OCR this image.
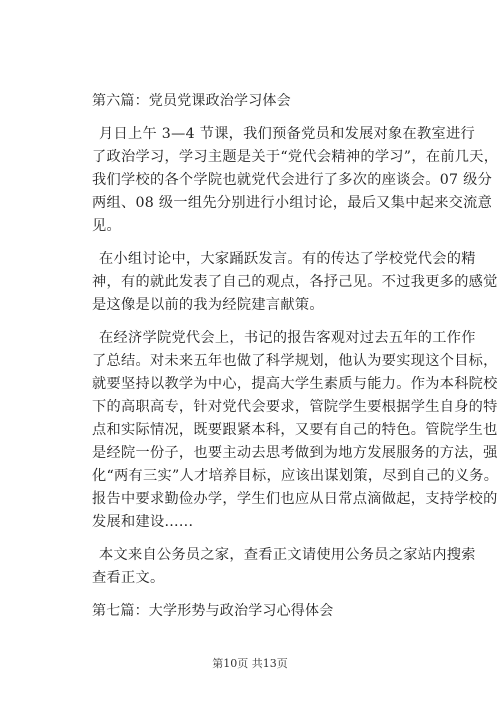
第六篇：党员党课政治学习体会
月日上午 3—4 节课，我们预备党员和发展对象在教室进行
了政治学习，学习主题是关于“党代会精神的学习”，在前几天，
我们学校的各个学院也就党代会进行了多次的座谈会。07 级分
两组、08 级一组先分别进行小组讨论，最后又集中起来交流意
见。
在小组讨论中，大家踊跃发言。有的传达了学校党代会的精
神，有的就此发表了自己的观点，各抒己见。不过我更多的感觉
是这像是以前的我为经院建言献策。
在经济学院党代会上，书记的报告客观对过去五年的工作作
了总结。对未来五年也做了科学规划，他认为要实现这个目标，
就要坚持以教学为中心，提高大学生素质与能力。作为本科院校
下的高职高专，针对党代会要求，管院学生要根据学生自身的特
点和实际情况，既要跟紧本科，又要有自己的特色。管院学生也
是经院一份子，也要主动去思考做到为地方发展服务的方法，强
化“两有三实”人才培养目标，应该出谋划策，尽到自己的义务。
报告中要求勤俭办学，学生们也应从日常点滴做起，支持学校的
发展和建设......
本文来自公务员之家，查看正文请使用公务员之家站内搜索
查看正文。
第七篇：大学形势与政治学习心得体会
第10页 共13页
